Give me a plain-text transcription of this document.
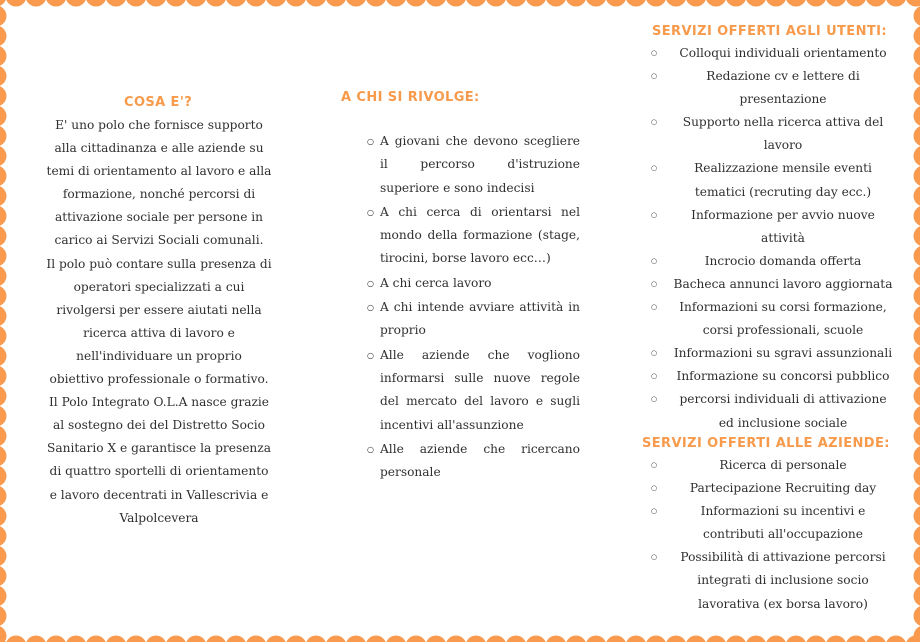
COSA E'?

E' uno polo che fornisce supporto

alla cittadinanza e alle aziende su

temi di orientamento al lavoro e alla

formazione, nonché percorsi di

attivazione sociale per persone in

carico ai Servizi Sociali comunali.

Il polo può contare sulla presenza di

operatori specializzati a cui

rivolgersi per essere aiutati nella

ricerca attiva di lavoro e

nell'individuare un proprio

obiettivo professionale o formativo.

Il Polo Integrato O.L.A nasce grazie

al sostegno dei del Distretto Socio

Sanitario X e garantisce la presenza

di quattro sportelli di orientamento

e lavoro decentrati in Vallescrivia e

Valpolcevera

A CHI SI RIVOLGE:
○ A giovani che devono scegliere il percorso d'istruzione superiore e sono indecisi
○ A chi cerca di orientarsi nel mondo della formazione (stage, tirocini, borse lavoro ecc…)
○ A chi cerca lavoro
○ A chi intende avviare attività in proprio
○ Alle aziende che vogliono informarsi sulle nuove regole del mercato del lavoro e sugli incentivi all'assunzione
○ Alle aziende che ricercano personale
SERVIZI OFFERTI AGLI UTENTI:
○	Colloqui individuali orientamento
○	Redazione cv e lettere di
presentazione
○	Supporto nella ricerca attiva del
lavoro
○	Realizzazione mensile eventi
tematici (recruting day ecc.)
○	Informazione per avvio nuove
attività
○	Incrocio domanda offerta
○	Bacheca annunci lavoro aggiornata
○	Informazioni su corsi formazione,
corsi professionali, scuole
○	Informazioni su sgravi assunzionali
○	Informazione su concorsi pubblico
○	percorsi individuali di attivazione
ed inclusione sociale
SERVIZI OFFERTI ALLE AZIENDE:
○	Ricerca di personale
○	Partecipazione Recruiting day
○	Informazioni su incentivi e
contributi all'occupazione
○	Possibilità di attivazione percorsi
integrati di inclusione socio
lavorativa (ex borsa lavoro)
